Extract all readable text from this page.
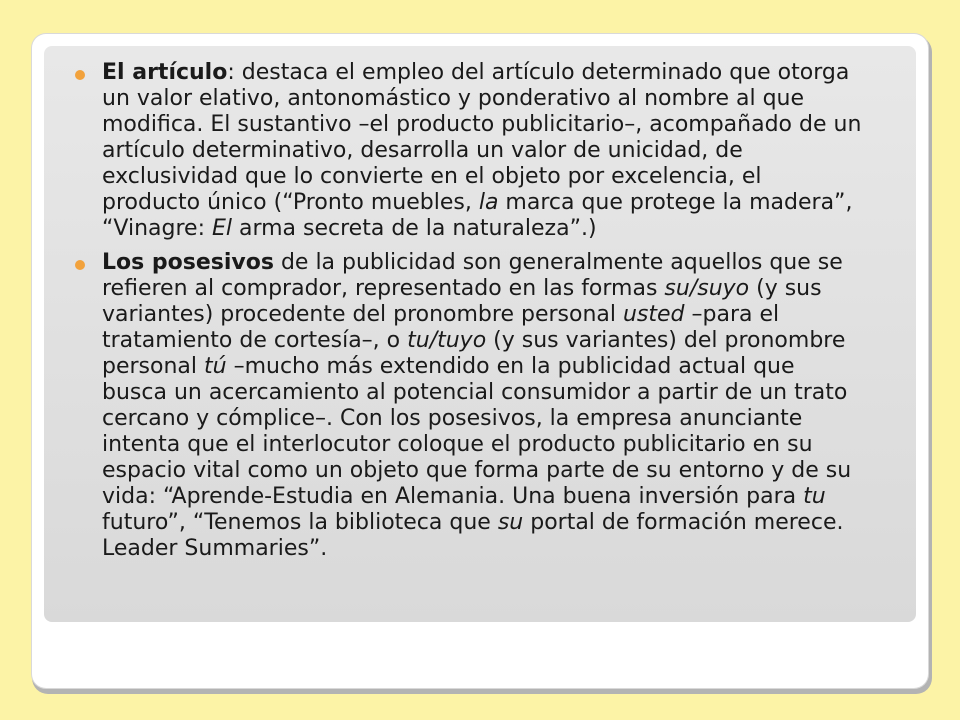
El artículo: destaca el empleo del artículo determinado que otorga un valor elativo, antonomástico y ponderativo al nombre al que modifica. El sustantivo –el producto publicitario–, acompañado de un artículo determinativo, desarrolla un valor de unicidad, de exclusividad que lo convierte en el objeto por excelencia, el producto único (“Pronto muebles, la marca que protege la madera”, “Vinagre: El arma secreta de la naturaleza”.)
Los posesivos de la publicidad son generalmente aquellos que se refieren al comprador, representado en las formas su/suyo (y sus variantes) procedente del pronombre personal usted –para el tratamiento de cortesía–, o tu/tuyo (y sus variantes) del pronombre personal tú –mucho más extendido en la publicidad actual que busca un acercamiento al potencial consumidor a partir de un trato cercano y cómplice–. Con los posesivos, la empresa anunciante intenta que el interlocutor coloque el producto publicitario en su espacio vital como un objeto que forma parte de su entorno y de su vida: “Aprende-Estudia en Alemania. Una buena inversión para tu futuro”, “Tenemos la biblioteca que su portal de formación merece. Leader Summaries”.
